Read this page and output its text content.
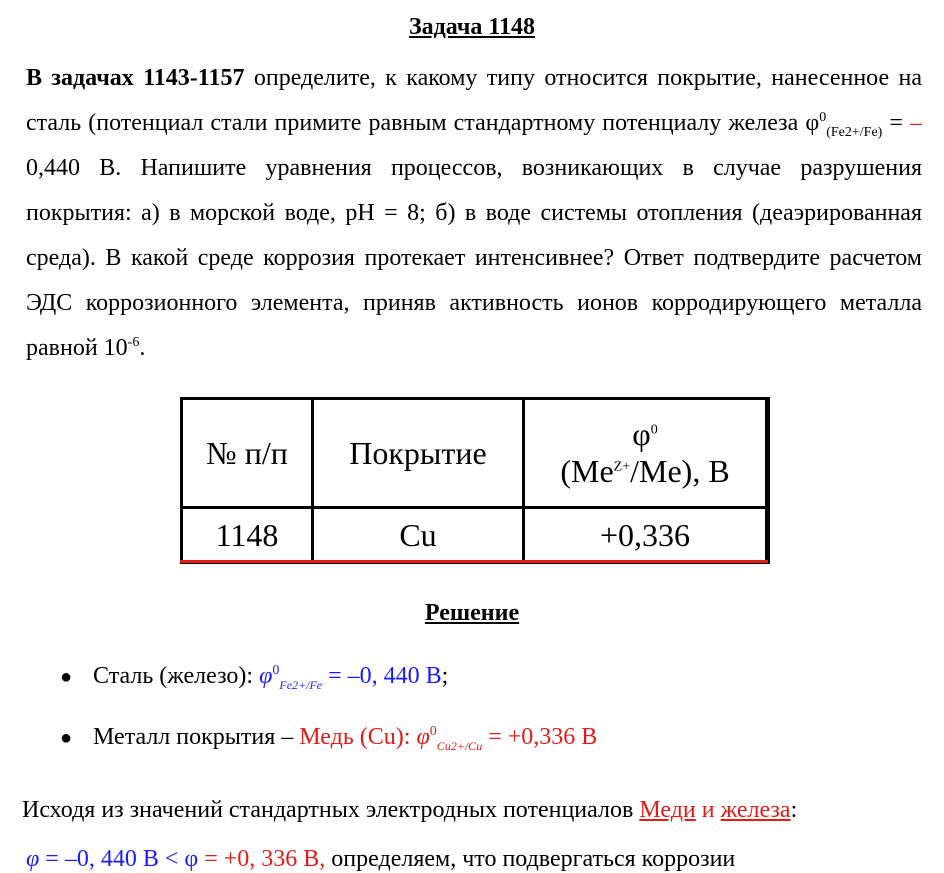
Задача 1148
В задачах 1143-1157 определите, к какому типу относится покрытие, нанесенное на сталь (потенциал стали примите равным стандартному потенциалу железа $\varphi^0_{(Fe2+/Fe)} = -0,440$ В. Напишите уравнения процессов, возникающих в случае разрушения покрытия: а) в морской воде, pH = 8; б) в воде системы отопления (деаэрированная среда). В какой среде коррозия протекает интенсивнее? Ответ подтвердите расчетом ЭДС коррозионного элемента, приняв активность ионов корродирующего металла равной $10^{-6}$.
№ п/п	Покрытие	$\varphi^0$
$(Me^{Z+}/Me)$, В

1148	Cu	+0,336
Решение
● Сталь (железо): $\varphi^0_{Fe2+/Fe} = -0$, 440 В;
● Металл покрытия – Медь (Cu): $\varphi^0_{Cu2+/Cu} = +0,336$ В
Исходя из значений стандартных электродных потенциалов Меди и железа:
φ = –0, 440 В < φ = +0, 336 В, определяем, что подвергаться коррозии
